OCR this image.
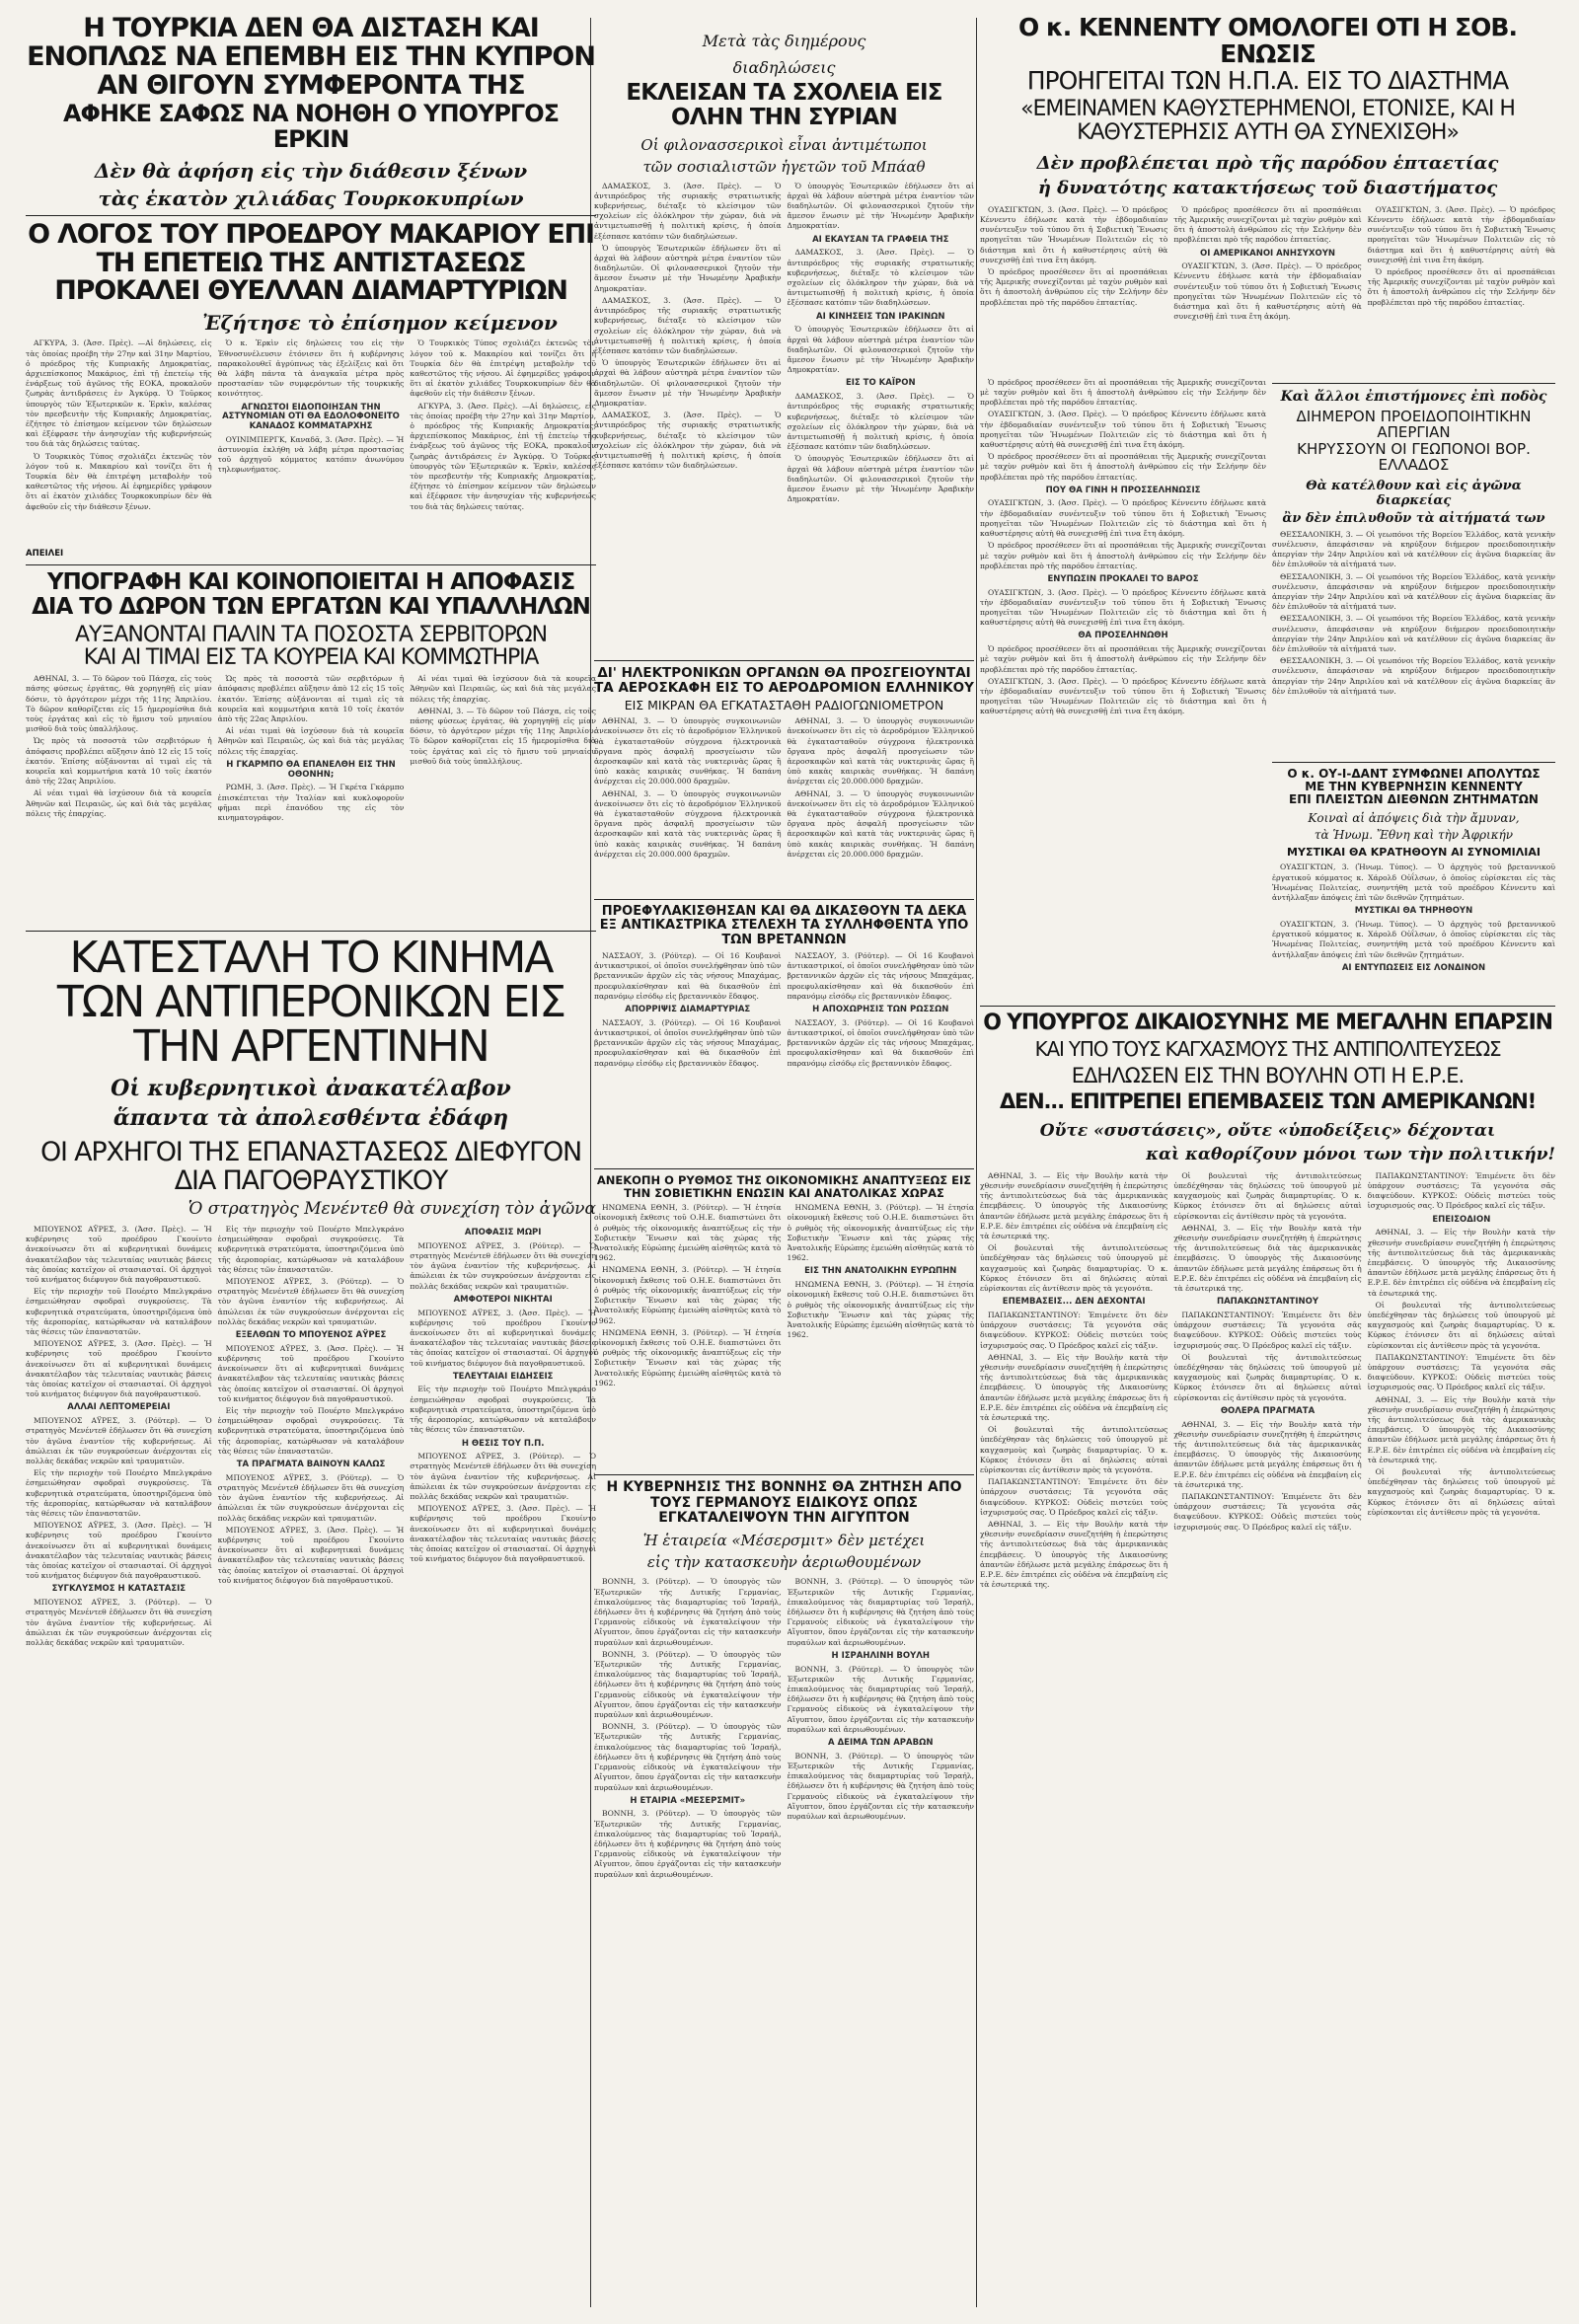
Η ΤΟΥΡΚΙΑ ΔΕΝ ΘΑ ΔΙΣΤΑΣΗ ΚΑΙ ΕΝΟΠΛΩΣ ΝΑ ΕΠΕΜΒΗ ΕΙΣ ΤΗΝ ΚΥΠΡΟΝ ΑΝ ΘΙΓΟΥΝ ΣΥΜΦΕΡΟΝΤΑ ΤΗΣ
ΑΦΗΚΕ ΣΑΦΩΣ ΝΑ ΝΟΗΘΗ Ο ΥΠΟΥΡΓΟΣ ΕΡΚΙΝ

Δὲν θὰ ἀφήση εἰς τὴν διάθεσιν ξένων

τὰς ἑκατὸν χιλιάδας Τουρκοκυπρίων

Ο ΛΟΓΟΣ ΤΟΥ ΠΡΟΕΔΡΟΥ ΜΑΚΑΡΙΟΥ ΕΠΙ ΤΗ ΕΠΕΤΕΙΩ ΤΗΣ ΑΝΤΙΣΤΑΣΕΩΣ ΠΡΟΚΑΛΕΙ ΘΥΕΛΛΑΝ ΔΙΑΜΑΡΤΥΡΙΩΝ

Ἐζήτησε τὸ ἐπίσημον κείμενον

ΑΓΚΥΡΑ, 3. (Ἀσσ. Πρὲς). —Αἱ δηλώσεις, εἰς τὰς ὁποίας προέβη τὴν 27ην καὶ 31ην Μαρτίου, ὁ πρόεδρος τῆς Κυπριακῆς Δημοκρατίας, ἀρχιεπίσκοπος Μακάριος, ἐπὶ τῇ ἐπετείῳ τῆς ἐνάρξεως τοῦ ἀγῶνος τῆς ΕΟΚΑ, προκαλοῦν ζωηρὰς ἀντιδράσεις ἐν Ἀγκύρᾳ. Ὁ Τοῦρκος ὑπουργὸς τῶν Ἐξωτερικῶν κ. Ἐρκὶν, καλέσας τὸν πρεσβευτὴν τῆς Κυπριακῆς Δημοκρατίας, ἐζήτησε τὸ ἐπίσημον κείμενον τῶν δηλώσεων καὶ ἐξέφρασε τὴν ἀνησυχίαν τῆς κυβερνήσεώς του διὰ τὰς δηλώσεις ταύτας.

Ὁ Τουρκικὸς Τύπος σχολιάζει ἐκτενῶς τὸν λόγον τοῦ κ. Μακαρίου καὶ τονίζει ὅτι ἡ Τουρκία δὲν θὰ ἐπιτρέψη μεταβολὴν τοῦ καθεστῶτος τῆς νήσου. Αἱ ἐφημερίδες γράφουν ὅτι αἱ ἑκατὸν χιλιάδες Τουρκοκυπρίων δὲν θὰ ἀφεθοῦν εἰς τὴν διάθεσιν ξένων.

Ὁ κ. Ἐρκὶν εἰς δηλώσεις του εἰς τὴν Ἐθνοσυνέλευσιν ἐτόνισεν ὅτι ἡ κυβέρνησις παρακολουθεῖ ἀγρύπνως τὰς ἐξελίξεις καὶ ὅτι θὰ λάβη πάντα τὰ ἀναγκαῖα μέτρα πρὸς προστασίαν τῶν συμφερόντων τῆς τουρκικῆς κοινότητος.

ΑΓΝΩΣΤΟΙ ΕΙΔΟΠΟΙΗΣΑΝ ΤΗΝ ΑΣΤΥΝΟΜΙΑΝ ΟΤΙ ΘΑ ΕΔΟΛΟΦΟΝΕΙΤΟ ΚΑΝΑΔΟΣ ΚΟΜΜΑΤΑΡΧΗΣ

ΟΥΙΝΙΜΠΕΡΓΚ, Καναδᾶ, 3. (Ἀσσ. Πρὲς). — Ἡ ἀστυνομία ἐκλήθη νὰ λάβη μέτρα προστασίας τοῦ ἀρχηγοῦ κόμματος κατόπιν ἀνωνύμου τηλεφωνήματος.

Ὁ Τουρκικὸς Τύπος σχολιάζει ἐκτενῶς τὸν λόγον τοῦ κ. Μακαρίου καὶ τονίζει ὅτι ἡ Τουρκία δὲν θὰ ἐπιτρέψη μεταβολὴν τοῦ καθεστῶτος τῆς νήσου. Αἱ ἐφημερίδες γράφουν ὅτι αἱ ἑκατὸν χιλιάδες Τουρκοκυπρίων δὲν θὰ ἀφεθοῦν εἰς τὴν διάθεσιν ξένων.

ΑΓΚΥΡΑ, 3. (Ἀσσ. Πρὲς). —Αἱ δηλώσεις, εἰς τὰς ὁποίας προέβη τὴν 27ην καὶ 31ην Μαρτίου, ὁ πρόεδρος τῆς Κυπριακῆς Δημοκρατίας, ἀρχιεπίσκοπος Μακάριος, ἐπὶ τῇ ἐπετείῳ τῆς ἐνάρξεως τοῦ ἀγῶνος τῆς ΕΟΚΑ, προκαλοῦν ζωηρὰς ἀντιδράσεις ἐν Ἀγκύρᾳ. Ὁ Τοῦρκος ὑπουργὸς τῶν Ἐξωτερικῶν κ. Ἐρκὶν, καλέσας τὸν πρεσβευτὴν τῆς Κυπριακῆς Δημοκρατίας, ἐζήτησε τὸ ἐπίσημον κείμενον τῶν δηλώσεων καὶ ἐξέφρασε τὴν ἀνησυχίαν τῆς κυβερνήσεώς του διὰ τὰς δηλώσεις ταύτας.

ΑΠΕΙΛΕΙ
ΥΠΟΓΡΑΦΗ ΚΑΙ ΚΟΙΝΟΠΟΙΕΙΤΑΙ Η ΑΠΟΦΑΣΙΣ
ΔΙΑ ΤΟ ΔΩΡΟΝ ΤΩΝ ΕΡΓΑΤΩΝ ΚΑΙ ΥΠΑΛΛΗΛΩΝ
ΑΥΞΑΝΟΝΤΑΙ ΠΑΛΙΝ ΤΑ ΠΟΣΟΣΤΑ ΣΕΡΒΙΤΟΡΩΝ
ΚΑΙ ΑΙ ΤΙΜΑΙ ΕΙΣ ΤΑ ΚΟΥΡΕΙΑ ΚΑΙ ΚΟΜΜΩΤΗΡΙΑ

ΑΘΗΝΑΙ, 3. — Τὸ δῶρον τοῦ Πάσχα, εἰς τοὺς πάσης φύσεως ἐργάτας, θὰ χορηγηθῇ εἰς μίαν δόσιν, τὸ ἀργότερον μέχρι τῆς 11ης Ἀπριλίου. Τὸ δῶρον καθορίζεται εἰς 15 ἡμερομίσθια διὰ τοὺς ἐργάτας καὶ εἰς τὸ ἥμισυ τοῦ μηνιαίου μισθοῦ διὰ τοὺς ὑπαλλήλους.

Ὡς πρὸς τὰ ποσοστὰ τῶν σερβιτόρων ἡ ἀπόφασις προβλέπει αὔξησιν ἀπὸ 12 εἰς 15 τοῖς ἑκατόν. Ἐπίσης αὐξάνονται αἱ τιμαὶ εἰς τὰ κουρεῖα καὶ κομμωτήρια κατὰ 10 τοῖς ἑκατόν ἀπὸ τῆς 22ας Ἀπριλίου.

Αἱ νέαι τιμαὶ θὰ ἰσχύσουν διὰ τὰ κουρεῖα Ἀθηνῶν καὶ Πειραιῶς, ὡς καὶ διὰ τὰς μεγάλας πόλεις τῆς ἐπαρχίας.

Ὡς πρὸς τὰ ποσοστὰ τῶν σερβιτόρων ἡ ἀπόφασις προβλέπει αὔξησιν ἀπὸ 12 εἰς 15 τοῖς ἑκατόν. Ἐπίσης αὐξάνονται αἱ τιμαὶ εἰς τὰ κουρεῖα καὶ κομμωτήρια κατὰ 10 τοῖς ἑκατόν ἀπὸ τῆς 22ας Ἀπριλίου.

Αἱ νέαι τιμαὶ θὰ ἰσχύσουν διὰ τὰ κουρεῖα Ἀθηνῶν καὶ Πειραιῶς, ὡς καὶ διὰ τὰς μεγάλας πόλεις τῆς ἐπαρχίας.

Η ΓΚΑΡΜΠΟ ΘΑ ΕΠΑΝΕΛΘΗ ΕΙΣ ΤΗΝ ΟΘΟΝΗΝ;

ΡΩΜΗ, 3. (Ἀσσ. Πρὲς). — Ἡ Γκρέτα Γκάρμπο ἐπισκέπτεται τὴν Ἰταλίαν καὶ κυκλοφοροῦν φῆμαι περὶ ἐπανόδου της εἰς τὸν κινηματογράφον.

Αἱ νέαι τιμαὶ θὰ ἰσχύσουν διὰ τὰ κουρεῖα Ἀθηνῶν καὶ Πειραιῶς, ὡς καὶ διὰ τὰς μεγάλας πόλεις τῆς ἐπαρχίας.

ΑΘΗΝΑΙ, 3. — Τὸ δῶρον τοῦ Πάσχα, εἰς τοὺς πάσης φύσεως ἐργάτας, θὰ χορηγηθῇ εἰς μίαν δόσιν, τὸ ἀργότερον μέχρι τῆς 11ης Ἀπριλίου. Τὸ δῶρον καθορίζεται εἰς 15 ἡμερομίσθια διὰ τοὺς ἐργάτας καὶ εἰς τὸ ἥμισυ τοῦ μηνιαίου μισθοῦ διὰ τοὺς ὑπαλλήλους.

ΚΑΤΕΣΤΑΛΗ ΤΟ ΚΙΝΗΜΑ ΤΩΝ ΑΝΤΙΠΕΡΟΝΙΚΩΝ ΕΙΣ ΤΗΝ ΑΡΓΕΝΤΙΝΗΝ

Οἱ κυβερνητικοὶ ἀνακατέλαβον

ἅπαντα τὰ ἀπολεσθέντα ἐδάφη

ΟΙ ΑΡΧΗΓΟΙ ΤΗΣ ΕΠΑΝΑΣΤΑΣΕΩΣ ΔΙΕΦΥΓΟΝ ΔΙΑ ΠΑΓΟΘΡΑΥΣΤΙΚΟΥ

Ὁ στρατηγὸς Μενέντεθ θὰ συνεχίση τὸν ἀγῶνα

ΜΠΟΥΕΝΟΣ ΑΫΡΕΣ, 3. (Ἀσσ. Πρὲς). — Ἡ κυβέρνησις τοῦ προέδρου Γκουίντο ἀνεκοίνωσεν ὅτι αἱ κυβερνητικαὶ δυνάμεις ἀνακατέλαβον τὰς τελευταίας ναυτικὰς βάσεις τὰς ὁποίας κατεῖχον οἱ στασιασταί. Οἱ ἀρχηγοὶ τοῦ κινήματος διέφυγον διὰ παγοθραυστικοῦ.

Εἰς τὴν περιοχὴν τοῦ Πουέρτο Μπελγκράνο ἐσημειώθησαν σφοδραὶ συγκρούσεις. Τὰ κυβερνητικὰ στρατεύματα, ὑποστηριζόμενα ὑπὸ τῆς ἀεροπορίας, κατώρθωσαν νὰ καταλάβουν τὰς θέσεις τῶν ἐπαναστατῶν.

ΜΠΟΥΕΝΟΣ ΑΫΡΕΣ, 3. (Ἀσσ. Πρὲς). — Ἡ κυβέρνησις τοῦ προέδρου Γκουίντο ἀνεκοίνωσεν ὅτι αἱ κυβερνητικαὶ δυνάμεις ἀνακατέλαβον τὰς τελευταίας ναυτικὰς βάσεις τὰς ὁποίας κατεῖχον οἱ στασιασταί. Οἱ ἀρχηγοὶ τοῦ κινήματος διέφυγον διὰ παγοθραυστικοῦ.

ΑΛΛΑΙ ΛΕΠΤΟΜΕΡΕΙΑΙ

ΜΠΟΥΕΝΟΣ ΑΫΡΕΣ, 3. (Ρόϋτερ). — Ὁ στρατηγὸς Μενέντεθ ἐδήλωσεν ὅτι θὰ συνεχίση τὸν ἀγῶνα ἐναντίον τῆς κυβερνήσεως. Αἱ ἀπώλειαι ἐκ τῶν συγκρούσεων ἀνέρχονται εἰς πολλὰς δεκάδας νεκρῶν καὶ τραυματιῶν.

Εἰς τὴν περιοχὴν τοῦ Πουέρτο Μπελγκράνο ἐσημειώθησαν σφοδραὶ συγκρούσεις. Τὰ κυβερνητικὰ στρατεύματα, ὑποστηριζόμενα ὑπὸ τῆς ἀεροπορίας, κατώρθωσαν νὰ καταλάβουν τὰς θέσεις τῶν ἐπαναστατῶν.

ΜΠΟΥΕΝΟΣ ΑΫΡΕΣ, 3. (Ἀσσ. Πρὲς). — Ἡ κυβέρνησις τοῦ προέδρου Γκουίντο ἀνεκοίνωσεν ὅτι αἱ κυβερνητικαὶ δυνάμεις ἀνακατέλαβον τὰς τελευταίας ναυτικὰς βάσεις τὰς ὁποίας κατεῖχον οἱ στασιασταί. Οἱ ἀρχηγοὶ τοῦ κινήματος διέφυγον διὰ παγοθραυστικοῦ.

ΣΥΓΚΛΥΣΜΟΣ Η ΚΑΤΑΣΤΑΣΙΣ

ΜΠΟΥΕΝΟΣ ΑΫΡΕΣ, 3. (Ρόϋτερ). — Ὁ στρατηγὸς Μενέντεθ ἐδήλωσεν ὅτι θὰ συνεχίση τὸν ἀγῶνα ἐναντίον τῆς κυβερνήσεως. Αἱ ἀπώλειαι ἐκ τῶν συγκρούσεων ἀνέρχονται εἰς πολλὰς δεκάδας νεκρῶν καὶ τραυματιῶν.

Εἰς τὴν περιοχὴν τοῦ Πουέρτο Μπελγκράνο ἐσημειώθησαν σφοδραὶ συγκρούσεις. Τὰ κυβερνητικὰ στρατεύματα, ὑποστηριζόμενα ὑπὸ τῆς ἀεροπορίας, κατώρθωσαν νὰ καταλάβουν τὰς θέσεις τῶν ἐπαναστατῶν.

ΜΠΟΥΕΝΟΣ ΑΫΡΕΣ, 3. (Ρόϋτερ). — Ὁ στρατηγὸς Μενέντεθ ἐδήλωσεν ὅτι θὰ συνεχίση τὸν ἀγῶνα ἐναντίον τῆς κυβερνήσεως. Αἱ ἀπώλειαι ἐκ τῶν συγκρούσεων ἀνέρχονται εἰς πολλὰς δεκάδας νεκρῶν καὶ τραυματιῶν.

ΕΞΕΛΘΩΝ ΤΟ ΜΠΟΥΕΝΟΣ ΑΫΡΕΣ

ΜΠΟΥΕΝΟΣ ΑΫΡΕΣ, 3. (Ἀσσ. Πρὲς). — Ἡ κυβέρνησις τοῦ προέδρου Γκουίντο ἀνεκοίνωσεν ὅτι αἱ κυβερνητικαὶ δυνάμεις ἀνακατέλαβον τὰς τελευταίας ναυτικὰς βάσεις τὰς ὁποίας κατεῖχον οἱ στασιασταί. Οἱ ἀρχηγοὶ τοῦ κινήματος διέφυγον διὰ παγοθραυστικοῦ.

Εἰς τὴν περιοχὴν τοῦ Πουέρτο Μπελγκράνο ἐσημειώθησαν σφοδραὶ συγκρούσεις. Τὰ κυβερνητικὰ στρατεύματα, ὑποστηριζόμενα ὑπὸ τῆς ἀεροπορίας, κατώρθωσαν νὰ καταλάβουν τὰς θέσεις τῶν ἐπαναστατῶν.

ΤΑ ΠΡΑΓΜΑΤΑ ΒΑΙΝΟΥΝ ΚΑΛΩΣ

ΜΠΟΥΕΝΟΣ ΑΫΡΕΣ, 3. (Ρόϋτερ). — Ὁ στρατηγὸς Μενέντεθ ἐδήλωσεν ὅτι θὰ συνεχίση τὸν ἀγῶνα ἐναντίον τῆς κυβερνήσεως. Αἱ ἀπώλειαι ἐκ τῶν συγκρούσεων ἀνέρχονται εἰς πολλὰς δεκάδας νεκρῶν καὶ τραυματιῶν.

ΜΠΟΥΕΝΟΣ ΑΫΡΕΣ, 3. (Ἀσσ. Πρὲς). — Ἡ κυβέρνησις τοῦ προέδρου Γκουίντο ἀνεκοίνωσεν ὅτι αἱ κυβερνητικαὶ δυνάμεις ἀνακατέλαβον τὰς τελευταίας ναυτικὰς βάσεις τὰς ὁποίας κατεῖχον οἱ στασιασταί. Οἱ ἀρχηγοὶ τοῦ κινήματος διέφυγον διὰ παγοθραυστικοῦ.

ΑΠΟΦΑΣΙΣ ΜΩΡΙ

ΜΠΟΥΕΝΟΣ ΑΫΡΕΣ, 3. (Ρόϋτερ). — Ὁ στρατηγὸς Μενέντεθ ἐδήλωσεν ὅτι θὰ συνεχίση τὸν ἀγῶνα ἐναντίον τῆς κυβερνήσεως. Αἱ ἀπώλειαι ἐκ τῶν συγκρούσεων ἀνέρχονται εἰς πολλὰς δεκάδας νεκρῶν καὶ τραυματιῶν.

ΑΜΦΟΤΕΡΟΙ ΝΙΚΗΤΑΙ

ΜΠΟΥΕΝΟΣ ΑΫΡΕΣ, 3. (Ἀσσ. Πρὲς). — Ἡ κυβέρνησις τοῦ προέδρου Γκουίντο ἀνεκοίνωσεν ὅτι αἱ κυβερνητικαὶ δυνάμεις ἀνακατέλαβον τὰς τελευταίας ναυτικὰς βάσεις τὰς ὁποίας κατεῖχον οἱ στασιασταί. Οἱ ἀρχηγοὶ τοῦ κινήματος διέφυγον διὰ παγοθραυστικοῦ.

ΤΕΛΕΥΤΑΙΑΙ ΕΙΔΗΣΕΙΣ

Εἰς τὴν περιοχὴν τοῦ Πουέρτο Μπελγκράνο ἐσημειώθησαν σφοδραὶ συγκρούσεις. Τὰ κυβερνητικὰ στρατεύματα, ὑποστηριζόμενα ὑπὸ τῆς ἀεροπορίας, κατώρθωσαν νὰ καταλάβουν τὰς θέσεις τῶν ἐπαναστατῶν.

Η ΘΕΣΙΣ ΤΟΥ Π.Π.

ΜΠΟΥΕΝΟΣ ΑΫΡΕΣ, 3. (Ρόϋτερ). — Ὁ στρατηγὸς Μενέντεθ ἐδήλωσεν ὅτι θὰ συνεχίση τὸν ἀγῶνα ἐναντίον τῆς κυβερνήσεως. Αἱ ἀπώλειαι ἐκ τῶν συγκρούσεων ἀνέρχονται εἰς πολλὰς δεκάδας νεκρῶν καὶ τραυματιῶν.

ΜΠΟΥΕΝΟΣ ΑΫΡΕΣ, 3. (Ἀσσ. Πρὲς). — Ἡ κυβέρνησις τοῦ προέδρου Γκουίντο ἀνεκοίνωσεν ὅτι αἱ κυβερνητικαὶ δυνάμεις ἀνακατέλαβον τὰς τελευταίας ναυτικὰς βάσεις τὰς ὁποίας κατεῖχον οἱ στασιασταί. Οἱ ἀρχηγοὶ τοῦ κινήματος διέφυγον διὰ παγοθραυστικοῦ.

Μετὰ τὰς διημέρους

διαδηλώσεις

ΕΚΛΕΙΣΑΝ ΤΑ ΣΧΟΛΕΙΑ ΕΙΣ ΟΛΗΝ ΤΗΝ ΣΥΡΙΑΝ

Οἱ φιλονασσερικοὶ εἶναι ἀντιμέτωποι

τῶν σοσιαλιστῶν ἡγετῶν τοῦ Μπάαθ

ΔΑΜΑΣΚΟΣ, 3. (Ἀσσ. Πρὲς). — Ὁ ἀντιπρόεδρος τῆς συριακῆς στρατιωτικῆς κυβερνήσεως, διέταξε τὸ κλείσιμον τῶν σχολείων εἰς ὁλόκληρον τὴν χώραν, διὰ νὰ ἀντιμετωπισθῇ ἡ πολιτικὴ κρίσις, ἡ ὁποία ἐξέσπασε κατόπιν τῶν διαδηλώσεων.

Ὁ ὑπουργὸς Ἐσωτερικῶν ἐδήλωσεν ὅτι αἱ ἀρχαὶ θὰ λάβουν αὐστηρὰ μέτρα ἐναντίον τῶν διαδηλωτῶν. Οἱ φιλονασσερικοὶ ζητοῦν τὴν ἄμεσον ἕνωσιν μὲ τὴν Ἡνωμένην Ἀραβικὴν Δημοκρατίαν.

ΔΑΜΑΣΚΟΣ, 3. (Ἀσσ. Πρὲς). — Ὁ ἀντιπρόεδρος τῆς συριακῆς στρατιωτικῆς κυβερνήσεως, διέταξε τὸ κλείσιμον τῶν σχολείων εἰς ὁλόκληρον τὴν χώραν, διὰ νὰ ἀντιμετωπισθῇ ἡ πολιτικὴ κρίσις, ἡ ὁποία ἐξέσπασε κατόπιν τῶν διαδηλώσεων.

Ὁ ὑπουργὸς Ἐσωτερικῶν ἐδήλωσεν ὅτι αἱ ἀρχαὶ θὰ λάβουν αὐστηρὰ μέτρα ἐναντίον τῶν διαδηλωτῶν. Οἱ φιλονασσερικοὶ ζητοῦν τὴν ἄμεσον ἕνωσιν μὲ τὴν Ἡνωμένην Ἀραβικὴν Δημοκρατίαν.

ΔΑΜΑΣΚΟΣ, 3. (Ἀσσ. Πρὲς). — Ὁ ἀντιπρόεδρος τῆς συριακῆς στρατιωτικῆς κυβερνήσεως, διέταξε τὸ κλείσιμον τῶν σχολείων εἰς ὁλόκληρον τὴν χώραν, διὰ νὰ ἀντιμετωπισθῇ ἡ πολιτικὴ κρίσις, ἡ ὁποία ἐξέσπασε κατόπιν τῶν διαδηλώσεων.

Ὁ ὑπουργὸς Ἐσωτερικῶν ἐδήλωσεν ὅτι αἱ ἀρχαὶ θὰ λάβουν αὐστηρὰ μέτρα ἐναντίον τῶν διαδηλωτῶν. Οἱ φιλονασσερικοὶ ζητοῦν τὴν ἄμεσον ἕνωσιν μὲ τὴν Ἡνωμένην Ἀραβικὴν Δημοκρατίαν.

ΑΙ ΕΚΑΥΣΑΝ ΤΑ ΓΡΑΦΕΙΑ ΤΗΣ

ΔΑΜΑΣΚΟΣ, 3. (Ἀσσ. Πρὲς). — Ὁ ἀντιπρόεδρος τῆς συριακῆς στρατιωτικῆς κυβερνήσεως, διέταξε τὸ κλείσιμον τῶν σχολείων εἰς ὁλόκληρον τὴν χώραν, διὰ νὰ ἀντιμετωπισθῇ ἡ πολιτικὴ κρίσις, ἡ ὁποία ἐξέσπασε κατόπιν τῶν διαδηλώσεων.

ΑΙ ΚΙΝΗΣΕΙΣ ΤΩΝ ΙΡΑΚΙΝΩΝ

Ὁ ὑπουργὸς Ἐσωτερικῶν ἐδήλωσεν ὅτι αἱ ἀρχαὶ θὰ λάβουν αὐστηρὰ μέτρα ἐναντίον τῶν διαδηλωτῶν. Οἱ φιλονασσερικοὶ ζητοῦν τὴν ἄμεσον ἕνωσιν μὲ τὴν Ἡνωμένην Ἀραβικὴν Δημοκρατίαν.

ΕΙΣ ΤΟ ΚΑΪΡΟΝ

ΔΑΜΑΣΚΟΣ, 3. (Ἀσσ. Πρὲς). — Ὁ ἀντιπρόεδρος τῆς συριακῆς στρατιωτικῆς κυβερνήσεως, διέταξε τὸ κλείσιμον τῶν σχολείων εἰς ὁλόκληρον τὴν χώραν, διὰ νὰ ἀντιμετωπισθῇ ἡ πολιτικὴ κρίσις, ἡ ὁποία ἐξέσπασε κατόπιν τῶν διαδηλώσεων.

Ὁ ὑπουργὸς Ἐσωτερικῶν ἐδήλωσεν ὅτι αἱ ἀρχαὶ θὰ λάβουν αὐστηρὰ μέτρα ἐναντίον τῶν διαδηλωτῶν. Οἱ φιλονασσερικοὶ ζητοῦν τὴν ἄμεσον ἕνωσιν μὲ τὴν Ἡνωμένην Ἀραβικὴν Δημοκρατίαν.

ΔΙ' ΗΛΕΚΤΡΟΝΙΚΩΝ ΟΡΓΑΝΩΝ ΘΑ ΠΡΟΣΓΕΙΟΥΝΤΑΙ ΤΑ ΑΕΡΟΣΚΑΦΗ ΕΙΣ ΤΟ ΑΕΡΟΔΡΟΜΙΟΝ ΕΛΛΗΝΙΚΟΥ

ΕΙΣ ΜΙΚΡΑΝ ΘΑ ΕΓΚΑΤΑΣΤΑΘΗ ΡΑΔΙΟΓΩΝΙΟΜΕΤΡΟΝ

ΑΘΗΝΑΙ, 3. — Ὁ ὑπουργὸς συγκοινωνιῶν ἀνεκοίνωσεν ὅτι εἰς τὸ ἀεροδρόμιον Ἑλληνικοῦ θὰ ἐγκατασταθοῦν σύγχρονα ἠλεκτρονικὰ ὄργανα πρὸς ἀσφαλῆ προσγείωσιν τῶν ἀεροσκαφῶν καὶ κατὰ τὰς νυκτερινὰς ὥρας ἢ ὑπὸ κακὰς καιρικὰς συνθήκας. Ἡ δαπάνη ἀνέρχεται εἰς 20.000.000 δραχμῶν.

ΑΘΗΝΑΙ, 3. — Ὁ ὑπουργὸς συγκοινωνιῶν ἀνεκοίνωσεν ὅτι εἰς τὸ ἀεροδρόμιον Ἑλληνικοῦ θὰ ἐγκατασταθοῦν σύγχρονα ἠλεκτρονικὰ ὄργανα πρὸς ἀσφαλῆ προσγείωσιν τῶν ἀεροσκαφῶν καὶ κατὰ τὰς νυκτερινὰς ὥρας ἢ ὑπὸ κακὰς καιρικὰς συνθήκας. Ἡ δαπάνη ἀνέρχεται εἰς 20.000.000 δραχμῶν.

ΑΘΗΝΑΙ, 3. — Ὁ ὑπουργὸς συγκοινωνιῶν ἀνεκοίνωσεν ὅτι εἰς τὸ ἀεροδρόμιον Ἑλληνικοῦ θὰ ἐγκατασταθοῦν σύγχρονα ἠλεκτρονικὰ ὄργανα πρὸς ἀσφαλῆ προσγείωσιν τῶν ἀεροσκαφῶν καὶ κατὰ τὰς νυκτερινὰς ὥρας ἢ ὑπὸ κακὰς καιρικὰς συνθήκας. Ἡ δαπάνη ἀνέρχεται εἰς 20.000.000 δραχμῶν.

ΑΘΗΝΑΙ, 3. — Ὁ ὑπουργὸς συγκοινωνιῶν ἀνεκοίνωσεν ὅτι εἰς τὸ ἀεροδρόμιον Ἑλληνικοῦ θὰ ἐγκατασταθοῦν σύγχρονα ἠλεκτρονικὰ ὄργανα πρὸς ἀσφαλῆ προσγείωσιν τῶν ἀεροσκαφῶν καὶ κατὰ τὰς νυκτερινὰς ὥρας ἢ ὑπὸ κακὰς καιρικὰς συνθήκας. Ἡ δαπάνη ἀνέρχεται εἰς 20.000.000 δραχμῶν.

ΠΡΟΕΦΥΛΑΚΙΣΘΗΣΑΝ ΚΑΙ ΘΑ ΔΙΚΑΣΘΟΥΝ ΤΑ ΔΕΚΑ ΕΞ ΑΝΤΙΚΑΣΤΡΙΚΑ ΣΤΕΛΕΧΗ ΤΑ ΣΥΛΛΗΦΘΕΝΤΑ ΥΠΟ ΤΩΝ ΒΡΕΤΑΝΝΩΝ

ΝΑΣΣΑΟΥ, 3. (Ρόϋτερ). — Οἱ 16 Κουβανοὶ ἀντικαστρικοί, οἱ ὁποῖοι συνελήφθησαν ὑπὸ τῶν βρεταννικῶν ἀρχῶν εἰς τὰς νήσους Μπαχάμας, προεφυλακίσθησαν καὶ θὰ δικασθοῦν ἐπὶ παρανόμῳ εἰσόδῳ εἰς βρεταννικὸν ἔδαφος.

ΑΠΟΡΡΙΨΙΣ ΔΙΑΜΑΡΤΥΡΙΑΣ

ΝΑΣΣΑΟΥ, 3. (Ρόϋτερ). — Οἱ 16 Κουβανοὶ ἀντικαστρικοί, οἱ ὁποῖοι συνελήφθησαν ὑπὸ τῶν βρεταννικῶν ἀρχῶν εἰς τὰς νήσους Μπαχάμας, προεφυλακίσθησαν καὶ θὰ δικασθοῦν ἐπὶ παρανόμῳ εἰσόδῳ εἰς βρεταννικὸν ἔδαφος.

ΝΑΣΣΑΟΥ, 3. (Ρόϋτερ). — Οἱ 16 Κουβανοὶ ἀντικαστρικοί, οἱ ὁποῖοι συνελήφθησαν ὑπὸ τῶν βρεταννικῶν ἀρχῶν εἰς τὰς νήσους Μπαχάμας, προεφυλακίσθησαν καὶ θὰ δικασθοῦν ἐπὶ παρανόμῳ εἰσόδῳ εἰς βρεταννικὸν ἔδαφος.

Η ΑΠΟΧΩΡΗΣΙΣ ΤΩΝ ΡΩΣΣΩΝ

ΝΑΣΣΑΟΥ, 3. (Ρόϋτερ). — Οἱ 16 Κουβανοὶ ἀντικαστρικοί, οἱ ὁποῖοι συνελήφθησαν ὑπὸ τῶν βρεταννικῶν ἀρχῶν εἰς τὰς νήσους Μπαχάμας, προεφυλακίσθησαν καὶ θὰ δικασθοῦν ἐπὶ παρανόμῳ εἰσόδῳ εἰς βρεταννικὸν ἔδαφος.

ΑΝΕΚΟΠΗ Ο ΡΥΘΜΟΣ ΤΗΣ ΟΙΚΟΝΟΜΙΚΗΣ ΑΝΑΠΤΥΞΕΩΣ ΕΙΣ ΤΗΝ ΣΟΒΙΕΤΙΚΗΝ ΕΝΩΣΙΝ ΚΑΙ ΑΝΑΤΟΛΙΚΑΣ ΧΩΡΑΣ

ΗΝΩΜΕΝΑ ΕΘΝΗ, 3. (Ρόϋτερ). — Ἡ ἐτησία οἰκονομικὴ ἔκθεσις τοῦ Ο.Η.Ε. διαπιστώνει ὅτι ὁ ρυθμὸς τῆς οἰκονομικῆς ἀναπτύξεως εἰς τὴν Σοβιετικὴν Ἕνωσιν καὶ τὰς χώρας τῆς Ἀνατολικῆς Εὐρώπης ἐμειώθη αἰσθητῶς κατὰ τὸ 1962.

ΗΝΩΜΕΝΑ ΕΘΝΗ, 3. (Ρόϋτερ). — Ἡ ἐτησία οἰκονομικὴ ἔκθεσις τοῦ Ο.Η.Ε. διαπιστώνει ὅτι ὁ ρυθμὸς τῆς οἰκονομικῆς ἀναπτύξεως εἰς τὴν Σοβιετικὴν Ἕνωσιν καὶ τὰς χώρας τῆς Ἀνατολικῆς Εὐρώπης ἐμειώθη αἰσθητῶς κατὰ τὸ 1962.

ΗΝΩΜΕΝΑ ΕΘΝΗ, 3. (Ρόϋτερ). — Ἡ ἐτησία οἰκονομικὴ ἔκθεσις τοῦ Ο.Η.Ε. διαπιστώνει ὅτι ὁ ρυθμὸς τῆς οἰκονομικῆς ἀναπτύξεως εἰς τὴν Σοβιετικὴν Ἕνωσιν καὶ τὰς χώρας τῆς Ἀνατολικῆς Εὐρώπης ἐμειώθη αἰσθητῶς κατὰ τὸ 1962.

ΗΝΩΜΕΝΑ ΕΘΝΗ, 3. (Ρόϋτερ). — Ἡ ἐτησία οἰκονομικὴ ἔκθεσις τοῦ Ο.Η.Ε. διαπιστώνει ὅτι ὁ ρυθμὸς τῆς οἰκονομικῆς ἀναπτύξεως εἰς τὴν Σοβιετικὴν Ἕνωσιν καὶ τὰς χώρας τῆς Ἀνατολικῆς Εὐρώπης ἐμειώθη αἰσθητῶς κατὰ τὸ 1962.

ΕΙΣ ΤΗΝ ΑΝΑΤΟΛΙΚΗΝ ΕΥΡΩΠΗΝ

ΗΝΩΜΕΝΑ ΕΘΝΗ, 3. (Ρόϋτερ). — Ἡ ἐτησία οἰκονομικὴ ἔκθεσις τοῦ Ο.Η.Ε. διαπιστώνει ὅτι ὁ ρυθμὸς τῆς οἰκονομικῆς ἀναπτύξεως εἰς τὴν Σοβιετικὴν Ἕνωσιν καὶ τὰς χώρας τῆς Ἀνατολικῆς Εὐρώπης ἐμειώθη αἰσθητῶς κατὰ τὸ 1962.

Η ΚΥΒΕΡΝΗΣΙΣ ΤΗΣ ΒΟΝΝΗΣ ΘΑ ΖΗΤΗΣΗ ΑΠΟ ΤΟΥΣ ΓΕΡΜΑΝΟΥΣ ΕΙΔΙΚΟΥΣ ΟΠΩΣ ΕΓΚΑΤΑΛΕΙΨΟΥΝ ΤΗΝ ΑΙΓΥΠΤΟΝ

Ἡ ἑταιρεία «Μέσερσμιτ» δὲν μετέχει

εἰς τὴν κατασκευὴν ἀεριωθουμένων

ΒΟΝΝΗ, 3. (Ρόϋτερ). — Ὁ ὑπουργὸς τῶν Ἐξωτερικῶν τῆς Δυτικῆς Γερμανίας, ἐπικαλούμενος τὰς διαμαρτυρίας τοῦ Ἰσραήλ, ἐδήλωσεν ὅτι ἡ κυβέρνησις θὰ ζητήση ἀπὸ τοὺς Γερμανοὺς εἰδικοὺς νὰ ἐγκαταλείψουν τὴν Αἴγυπτον, ὅπου ἐργάζονται εἰς τὴν κατασκευὴν πυραύλων καὶ ἀεριωθουμένων.

ΒΟΝΝΗ, 3. (Ρόϋτερ). — Ὁ ὑπουργὸς τῶν Ἐξωτερικῶν τῆς Δυτικῆς Γερμανίας, ἐπικαλούμενος τὰς διαμαρτυρίας τοῦ Ἰσραήλ, ἐδήλωσεν ὅτι ἡ κυβέρνησις θὰ ζητήση ἀπὸ τοὺς Γερμανοὺς εἰδικοὺς νὰ ἐγκαταλείψουν τὴν Αἴγυπτον, ὅπου ἐργάζονται εἰς τὴν κατασκευὴν πυραύλων καὶ ἀεριωθουμένων.

ΒΟΝΝΗ, 3. (Ρόϋτερ). — Ὁ ὑπουργὸς τῶν Ἐξωτερικῶν τῆς Δυτικῆς Γερμανίας, ἐπικαλούμενος τὰς διαμαρτυρίας τοῦ Ἰσραήλ, ἐδήλωσεν ὅτι ἡ κυβέρνησις θὰ ζητήση ἀπὸ τοὺς Γερμανοὺς εἰδικοὺς νὰ ἐγκαταλείψουν τὴν Αἴγυπτον, ὅπου ἐργάζονται εἰς τὴν κατασκευὴν πυραύλων καὶ ἀεριωθουμένων.

Η ΕΤΑΙΡΙΑ «ΜΕΣΕΡΣΜΙΤ»

ΒΟΝΝΗ, 3. (Ρόϋτερ). — Ὁ ὑπουργὸς τῶν Ἐξωτερικῶν τῆς Δυτικῆς Γερμανίας, ἐπικαλούμενος τὰς διαμαρτυρίας τοῦ Ἰσραήλ, ἐδήλωσεν ὅτι ἡ κυβέρνησις θὰ ζητήση ἀπὸ τοὺς Γερμανοὺς εἰδικοὺς νὰ ἐγκαταλείψουν τὴν Αἴγυπτον, ὅπου ἐργάζονται εἰς τὴν κατασκευὴν πυραύλων καὶ ἀεριωθουμένων.

ΒΟΝΝΗ, 3. (Ρόϋτερ). — Ὁ ὑπουργὸς τῶν Ἐξωτερικῶν τῆς Δυτικῆς Γερμανίας, ἐπικαλούμενος τὰς διαμαρτυρίας τοῦ Ἰσραήλ, ἐδήλωσεν ὅτι ἡ κυβέρνησις θὰ ζητήση ἀπὸ τοὺς Γερμανοὺς εἰδικοὺς νὰ ἐγκαταλείψουν τὴν Αἴγυπτον, ὅπου ἐργάζονται εἰς τὴν κατασκευὴν πυραύλων καὶ ἀεριωθουμένων.

Η ΙΣΡΑΗΛΙΝΗ ΒΟΥΛΗ

ΒΟΝΝΗ, 3. (Ρόϋτερ). — Ὁ ὑπουργὸς τῶν Ἐξωτερικῶν τῆς Δυτικῆς Γερμανίας, ἐπικαλούμενος τὰς διαμαρτυρίας τοῦ Ἰσραήλ, ἐδήλωσεν ὅτι ἡ κυβέρνησις θὰ ζητήση ἀπὸ τοὺς Γερμανοὺς εἰδικοὺς νὰ ἐγκαταλείψουν τὴν Αἴγυπτον, ὅπου ἐργάζονται εἰς τὴν κατασκευὴν πυραύλων καὶ ἀεριωθουμένων.

Α ΔΕΙΜΑ ΤΩΝ ΑΡΑΒΩΝ

ΒΟΝΝΗ, 3. (Ρόϋτερ). — Ὁ ὑπουργὸς τῶν Ἐξωτερικῶν τῆς Δυτικῆς Γερμανίας, ἐπικαλούμενος τὰς διαμαρτυρίας τοῦ Ἰσραήλ, ἐδήλωσεν ὅτι ἡ κυβέρνησις θὰ ζητήση ἀπὸ τοὺς Γερμανοὺς εἰδικοὺς νὰ ἐγκαταλείψουν τὴν Αἴγυπτον, ὅπου ἐργάζονται εἰς τὴν κατασκευὴν πυραύλων καὶ ἀεριωθουμένων.

Ο κ. ΚΕΝΝΕΝΤΥ ΟΜΟΛΟΓΕΙ ΟΤΙ Η ΣΟΒ. ΕΝΩΣΙΣ
ΠΡΟΗΓΕΙΤΑΙ ΤΩΝ Η.Π.Α. ΕΙΣ ΤΟ ΔΙΑΣΤΗΜΑ
«ΕΜΕΙΝΑΜΕΝ ΚΑΘΥΣΤΕΡΗΜΕΝΟΙ, ΕΤΟΝΙΣΕ, ΚΑΙ Η ΚΑΘΥΣΤΕΡΗΣΙΣ ΑΥΤΗ ΘΑ ΣΥΝΕΧΙΣΘΗ»

Δὲν προβλέπεται πρὸ τῆς παρόδου ἑπταετίας

ἡ δυνατότης κατακτήσεως τοῦ διαστήματος

ΟΥΑΣΙΓΚΤΩΝ, 3. (Ἀσσ. Πρὲς). — Ὁ πρόεδρος Κέννεντυ ἐδήλωσε κατὰ τὴν ἑβδομαδιαίαν συνέντευξιν τοῦ τύπου ὅτι ἡ Σοβιετικὴ Ἕνωσις προηγεῖται τῶν Ἡνωμένων Πολιτειῶν εἰς τὸ διάστημα καὶ ὅτι ἡ καθυστέρησις αὐτὴ θὰ συνεχισθῇ ἐπὶ τινα ἔτη ἀκόμη.

Ὁ πρόεδρος προσέθεσεν ὅτι αἱ προσπάθειαι τῆς Ἀμερικῆς συνεχίζονται μὲ ταχὺν ρυθμὸν καὶ ὅτι ἡ ἀποστολὴ ἀνθρώπου εἰς τὴν Σελήνην δὲν προβλέπεται πρὸ τῆς παρόδου ἑπταετίας.

Ὁ πρόεδρος προσέθεσεν ὅτι αἱ προσπάθειαι τῆς Ἀμερικῆς συνεχίζονται μὲ ταχὺν ρυθμὸν καὶ ὅτι ἡ ἀποστολὴ ἀνθρώπου εἰς τὴν Σελήνην δὲν προβλέπεται πρὸ τῆς παρόδου ἑπταετίας.

ΟΙ ΑΜΕΡΙΚΑΝΟΙ ΑΝΗΣΥΧΟΥΝ

ΟΥΑΣΙΓΚΤΩΝ, 3. (Ἀσσ. Πρὲς). — Ὁ πρόεδρος Κέννεντυ ἐδήλωσε κατὰ τὴν ἑβδομαδιαίαν συνέντευξιν τοῦ τύπου ὅτι ἡ Σοβιετικὴ Ἕνωσις προηγεῖται τῶν Ἡνωμένων Πολιτειῶν εἰς τὸ διάστημα καὶ ὅτι ἡ καθυστέρησις αὐτὴ θὰ συνεχισθῇ ἐπὶ τινα ἔτη ἀκόμη.

ΟΥΑΣΙΓΚΤΩΝ, 3. (Ἀσσ. Πρὲς). — Ὁ πρόεδρος Κέννεντυ ἐδήλωσε κατὰ τὴν ἑβδομαδιαίαν συνέντευξιν τοῦ τύπου ὅτι ἡ Σοβιετικὴ Ἕνωσις προηγεῖται τῶν Ἡνωμένων Πολιτειῶν εἰς τὸ διάστημα καὶ ὅτι ἡ καθυστέρησις αὐτὴ θὰ συνεχισθῇ ἐπὶ τινα ἔτη ἀκόμη.

Ὁ πρόεδρος προσέθεσεν ὅτι αἱ προσπάθειαι τῆς Ἀμερικῆς συνεχίζονται μὲ ταχὺν ρυθμὸν καὶ ὅτι ἡ ἀποστολὴ ἀνθρώπου εἰς τὴν Σελήνην δὲν προβλέπεται πρὸ τῆς παρόδου ἑπταετίας.

Ὁ πρόεδρος προσέθεσεν ὅτι αἱ προσπάθειαι τῆς Ἀμερικῆς συνεχίζονται μὲ ταχὺν ρυθμὸν καὶ ὅτι ἡ ἀποστολὴ ἀνθρώπου εἰς τὴν Σελήνην δὲν προβλέπεται πρὸ τῆς παρόδου ἑπταετίας.

ΟΥΑΣΙΓΚΤΩΝ, 3. (Ἀσσ. Πρὲς). — Ὁ πρόεδρος Κέννεντυ ἐδήλωσε κατὰ τὴν ἑβδομαδιαίαν συνέντευξιν τοῦ τύπου ὅτι ἡ Σοβιετικὴ Ἕνωσις προηγεῖται τῶν Ἡνωμένων Πολιτειῶν εἰς τὸ διάστημα καὶ ὅτι ἡ καθυστέρησις αὐτὴ θὰ συνεχισθῇ ἐπὶ τινα ἔτη ἀκόμη.

Ὁ πρόεδρος προσέθεσεν ὅτι αἱ προσπάθειαι τῆς Ἀμερικῆς συνεχίζονται μὲ ταχὺν ρυθμὸν καὶ ὅτι ἡ ἀποστολὴ ἀνθρώπου εἰς τὴν Σελήνην δὲν προβλέπεται πρὸ τῆς παρόδου ἑπταετίας.

ΠΟΥ ΘΑ ΓΙΝΗ Η ΠΡΟΣΣΕΛΗΝΩΣΙΣ

ΟΥΑΣΙΓΚΤΩΝ, 3. (Ἀσσ. Πρὲς). — Ὁ πρόεδρος Κέννεντυ ἐδήλωσε κατὰ τὴν ἑβδομαδιαίαν συνέντευξιν τοῦ τύπου ὅτι ἡ Σοβιετικὴ Ἕνωσις προηγεῖται τῶν Ἡνωμένων Πολιτειῶν εἰς τὸ διάστημα καὶ ὅτι ἡ καθυστέρησις αὐτὴ θὰ συνεχισθῇ ἐπὶ τινα ἔτη ἀκόμη.

Ὁ πρόεδρος προσέθεσεν ὅτι αἱ προσπάθειαι τῆς Ἀμερικῆς συνεχίζονται μὲ ταχὺν ρυθμὸν καὶ ὅτι ἡ ἀποστολὴ ἀνθρώπου εἰς τὴν Σελήνην δὲν προβλέπεται πρὸ τῆς παρόδου ἑπταετίας.

ΕΝΥΠΩΣΙΝ ΠΡΟΚΑΛΕΙ ΤΟ ΒΑΡΟΣ

ΟΥΑΣΙΓΚΤΩΝ, 3. (Ἀσσ. Πρὲς). — Ὁ πρόεδρος Κέννεντυ ἐδήλωσε κατὰ τὴν ἑβδομαδιαίαν συνέντευξιν τοῦ τύπου ὅτι ἡ Σοβιετικὴ Ἕνωσις προηγεῖται τῶν Ἡνωμένων Πολιτειῶν εἰς τὸ διάστημα καὶ ὅτι ἡ καθυστέρησις αὐτὴ θὰ συνεχισθῇ ἐπὶ τινα ἔτη ἀκόμη.

ΘΑ ΠΡΟΣΕΛΗΝΩΘΗ

Ὁ πρόεδρος προσέθεσεν ὅτι αἱ προσπάθειαι τῆς Ἀμερικῆς συνεχίζονται μὲ ταχὺν ρυθμὸν καὶ ὅτι ἡ ἀποστολὴ ἀνθρώπου εἰς τὴν Σελήνην δὲν προβλέπεται πρὸ τῆς παρόδου ἑπταετίας.

ΟΥΑΣΙΓΚΤΩΝ, 3. (Ἀσσ. Πρὲς). — Ὁ πρόεδρος Κέννεντυ ἐδήλωσε κατὰ τὴν ἑβδομαδιαίαν συνέντευξιν τοῦ τύπου ὅτι ἡ Σοβιετικὴ Ἕνωσις προηγεῖται τῶν Ἡνωμένων Πολιτειῶν εἰς τὸ διάστημα καὶ ὅτι ἡ καθυστέρησις αὐτὴ θὰ συνεχισθῇ ἐπὶ τινα ἔτη ἀκόμη.

Καὶ ἄλλοι ἐπιστήμονες ἐπὶ ποδὸς

ΔΙΗΜΕΡΟΝ ΠΡΟΕΙΔΟΠΟΙΗΤΙΚΗΝ ΑΠΕΡΓΙΑΝ
ΚΗΡΥΣΣΟΥΝ ΟΙ ΓΕΩΠΟΝΟΙ ΒΟΡ. ΕΛΛΑΔΟΣ

Θὰ κατέλθουν καὶ εἰς ἀγῶνα διαρκείας

ἂν δὲν ἐπιλυθοῦν τὰ αἰτήματά των

ΘΕΣΣΑΛΟΝΙΚΗ, 3. — Οἱ γεωπόνοι τῆς Βορείου Ἑλλάδος, κατὰ γενικὴν συνέλευσιν, ἀπεφάσισαν νὰ κηρύξουν διήμερον προειδοποιητικὴν ἀπεργίαν τὴν 24ην Ἀπριλίου καὶ νὰ κατέλθουν εἰς ἀγῶνα διαρκείας ἂν δὲν ἐπιλυθοῦν τὰ αἰτήματά των.

ΘΕΣΣΑΛΟΝΙΚΗ, 3. — Οἱ γεωπόνοι τῆς Βορείου Ἑλλάδος, κατὰ γενικὴν συνέλευσιν, ἀπεφάσισαν νὰ κηρύξουν διήμερον προειδοποιητικὴν ἀπεργίαν τὴν 24ην Ἀπριλίου καὶ νὰ κατέλθουν εἰς ἀγῶνα διαρκείας ἂν δὲν ἐπιλυθοῦν τὰ αἰτήματά των.

ΘΕΣΣΑΛΟΝΙΚΗ, 3. — Οἱ γεωπόνοι τῆς Βορείου Ἑλλάδος, κατὰ γενικὴν συνέλευσιν, ἀπεφάσισαν νὰ κηρύξουν διήμερον προειδοποιητικὴν ἀπεργίαν τὴν 24ην Ἀπριλίου καὶ νὰ κατέλθουν εἰς ἀγῶνα διαρκείας ἂν δὲν ἐπιλυθοῦν τὰ αἰτήματά των.

ΘΕΣΣΑΛΟΝΙΚΗ, 3. — Οἱ γεωπόνοι τῆς Βορείου Ἑλλάδος, κατὰ γενικὴν συνέλευσιν, ἀπεφάσισαν νὰ κηρύξουν διήμερον προειδοποιητικὴν ἀπεργίαν τὴν 24ην Ἀπριλίου καὶ νὰ κατέλθουν εἰς ἀγῶνα διαρκείας ἂν δὲν ἐπιλυθοῦν τὰ αἰτήματά των.

Ο κ. ΟΥ-Ι-ΔΑΝΤ ΣΥΜΦΩΝΕΙ ΑΠΟΛΥΤΩΣ
ΜΕ ΤΗΝ ΚΥΒΕΡΝΗΣΙΝ ΚΕΝΝΕΝΤΥ
ΕΠΙ ΠΛΕΙΣΤΩΝ ΔΙΕΘΝΩΝ ΖΗΤΗΜΑΤΩΝ

Κοιναὶ αἱ ἀπόψεις διὰ τὴν ἄμυναν,

τὰ Ἡνωμ. Ἔθνη καὶ τὴν Ἀφρικήν

ΜΥΣΤΙΚΑΙ ΘΑ ΚΡΑΤΗΘΟΥΝ ΑΙ ΣΥΝΟΜΙΛΙΑΙ

ΟΥΑΣΙΓΚΤΩΝ, 3. (Ἡνωμ. Τύπος). — Ὁ ἀρχηγὸς τοῦ βρεταννικοῦ ἐργατικοῦ κόμματος κ. Χάρολδ Οὐΐλσων, ὁ ὁποῖος εὑρίσκεται εἰς τὰς Ἡνωμένας Πολιτείας, συνηντήθη μετὰ τοῦ προέδρου Κέννεντυ καὶ ἀντήλλαξαν ἀπόψεις ἐπὶ τῶν διεθνῶν ζητημάτων.

ΜΥΣΤΙΚΑΙ ΘΑ ΤΗΡΗΘΟΥΝ

ΟΥΑΣΙΓΚΤΩΝ, 3. (Ἡνωμ. Τύπος). — Ὁ ἀρχηγὸς τοῦ βρεταννικοῦ ἐργατικοῦ κόμματος κ. Χάρολδ Οὐΐλσων, ὁ ὁποῖος εὑρίσκεται εἰς τὰς Ἡνωμένας Πολιτείας, συνηντήθη μετὰ τοῦ προέδρου Κέννεντυ καὶ ἀντήλλαξαν ἀπόψεις ἐπὶ τῶν διεθνῶν ζητημάτων.

ΑΙ ΕΝΤΥΠΩΣΕΙΣ ΕΙΣ ΛΟΝΔΙΝΟΝ
Ο ΥΠΟΥΡΓΟΣ ΔΙΚΑΙΟΣΥΝΗΣ ΜΕ ΜΕΓΑΛΗΝ ΕΠΑΡΣΙΝ
ΚΑΙ ΥΠΟ ΤΟΥΣ ΚΑΓΧΑΣΜΟΥΣ ΤΗΣ ΑΝΤΙΠΟΛΙΤΕΥΣΕΩΣ
ΕΔΗΛΩΣΕΝ ΕΙΣ ΤΗΝ ΒΟΥΛΗΝ ΟΤΙ Η Ε.Ρ.Ε.
ΔΕΝ... ΕΠΙΤΡΕΠΕΙ ΕΠΕΜΒΑΣΕΙΣ ΤΩΝ ΑΜΕΡΙΚΑΝΩΝ!

Οὔτε «συστάσεις», οὔτε «ὑποδείξεις» δέχονται

καὶ καθορίζουν μόνοι των τὴν πολιτικήν!

ΑΘΗΝΑΙ, 3. — Εἰς τὴν Βουλὴν κατὰ τὴν χθεσινὴν συνεδρίασιν συνεζητήθη ἡ ἐπερώτησις τῆς ἀντιπολιτεύσεως διὰ τὰς ἀμερικανικὰς ἐπεμβάσεις. Ὁ ὑπουργὸς τῆς Δικαιοσύνης ἀπαντῶν ἐδήλωσε μετὰ μεγάλης ἐπάρσεως ὅτι ἡ Ε.Ρ.Ε. δὲν ἐπιτρέπει εἰς οὐδένα νὰ ἐπεμβαίνη εἰς τὰ ἐσωτερικά της.

Οἱ βουλευταὶ τῆς ἀντιπολιτεύσεως ὑπεδέχθησαν τὰς δηλώσεις τοῦ ὑπουργοῦ μὲ καγχασμοὺς καὶ ζωηρὰς διαμαρτυρίας. Ὁ κ. Κύρκος ἐτόνισεν ὅτι αἱ δηλώσεις αὐταὶ εὑρίσκονται εἰς ἀντίθεσιν πρὸς τὰ γεγονότα.

ΕΠΕΜΒΑΣΕΙΣ... ΔΕΝ ΔΕΧΟΝΤΑΙ

ΠΑΠΑΚΩΝΣΤΑΝΤΙΝΟΥ: Ἐπιμένετε ὅτι δὲν ὑπάρχουν συστάσεις; Τὰ γεγονότα σᾶς διαψεύδουν. ΚΥΡΚΟΣ: Οὐδεὶς πιστεύει τοὺς ἰσχυρισμούς σας. Ὁ Πρόεδρος καλεῖ εἰς τάξιν.

ΑΘΗΝΑΙ, 3. — Εἰς τὴν Βουλὴν κατὰ τὴν χθεσινὴν συνεδρίασιν συνεζητήθη ἡ ἐπερώτησις τῆς ἀντιπολιτεύσεως διὰ τὰς ἀμερικανικὰς ἐπεμβάσεις. Ὁ ὑπουργὸς τῆς Δικαιοσύνης ἀπαντῶν ἐδήλωσε μετὰ μεγάλης ἐπάρσεως ὅτι ἡ Ε.Ρ.Ε. δὲν ἐπιτρέπει εἰς οὐδένα νὰ ἐπεμβαίνη εἰς τὰ ἐσωτερικά της.

Οἱ βουλευταὶ τῆς ἀντιπολιτεύσεως ὑπεδέχθησαν τὰς δηλώσεις τοῦ ὑπουργοῦ μὲ καγχασμοὺς καὶ ζωηρὰς διαμαρτυρίας. Ὁ κ. Κύρκος ἐτόνισεν ὅτι αἱ δηλώσεις αὐταὶ εὑρίσκονται εἰς ἀντίθεσιν πρὸς τὰ γεγονότα.

ΠΑΠΑΚΩΝΣΤΑΝΤΙΝΟΥ: Ἐπιμένετε ὅτι δὲν ὑπάρχουν συστάσεις; Τὰ γεγονότα σᾶς διαψεύδουν. ΚΥΡΚΟΣ: Οὐδεὶς πιστεύει τοὺς ἰσχυρισμούς σας. Ὁ Πρόεδρος καλεῖ εἰς τάξιν.

ΑΘΗΝΑΙ, 3. — Εἰς τὴν Βουλὴν κατὰ τὴν χθεσινὴν συνεδρίασιν συνεζητήθη ἡ ἐπερώτησις τῆς ἀντιπολιτεύσεως διὰ τὰς ἀμερικανικὰς ἐπεμβάσεις. Ὁ ὑπουργὸς τῆς Δικαιοσύνης ἀπαντῶν ἐδήλωσε μετὰ μεγάλης ἐπάρσεως ὅτι ἡ Ε.Ρ.Ε. δὲν ἐπιτρέπει εἰς οὐδένα νὰ ἐπεμβαίνη εἰς τὰ ἐσωτερικά της.

Οἱ βουλευταὶ τῆς ἀντιπολιτεύσεως ὑπεδέχθησαν τὰς δηλώσεις τοῦ ὑπουργοῦ μὲ καγχασμοὺς καὶ ζωηρὰς διαμαρτυρίας. Ὁ κ. Κύρκος ἐτόνισεν ὅτι αἱ δηλώσεις αὐταὶ εὑρίσκονται εἰς ἀντίθεσιν πρὸς τὰ γεγονότα.

ΑΘΗΝΑΙ, 3. — Εἰς τὴν Βουλὴν κατὰ τὴν χθεσινὴν συνεδρίασιν συνεζητήθη ἡ ἐπερώτησις τῆς ἀντιπολιτεύσεως διὰ τὰς ἀμερικανικὰς ἐπεμβάσεις. Ὁ ὑπουργὸς τῆς Δικαιοσύνης ἀπαντῶν ἐδήλωσε μετὰ μεγάλης ἐπάρσεως ὅτι ἡ Ε.Ρ.Ε. δὲν ἐπιτρέπει εἰς οὐδένα νὰ ἐπεμβαίνη εἰς τὰ ἐσωτερικά της.

ΠΑΠΑΚΩΝΣΤΑΝΤΙΝΟΥ

ΠΑΠΑΚΩΝΣΤΑΝΤΙΝΟΥ: Ἐπιμένετε ὅτι δὲν ὑπάρχουν συστάσεις; Τὰ γεγονότα σᾶς διαψεύδουν. ΚΥΡΚΟΣ: Οὐδεὶς πιστεύει τοὺς ἰσχυρισμούς σας. Ὁ Πρόεδρος καλεῖ εἰς τάξιν.

Οἱ βουλευταὶ τῆς ἀντιπολιτεύσεως ὑπεδέχθησαν τὰς δηλώσεις τοῦ ὑπουργοῦ μὲ καγχασμοὺς καὶ ζωηρὰς διαμαρτυρίας. Ὁ κ. Κύρκος ἐτόνισεν ὅτι αἱ δηλώσεις αὐταὶ εὑρίσκονται εἰς ἀντίθεσιν πρὸς τὰ γεγονότα.

ΘΟΛΕΡΑ ΠΡΑΓΜΑΤΑ

ΑΘΗΝΑΙ, 3. — Εἰς τὴν Βουλὴν κατὰ τὴν χθεσινὴν συνεδρίασιν συνεζητήθη ἡ ἐπερώτησις τῆς ἀντιπολιτεύσεως διὰ τὰς ἀμερικανικὰς ἐπεμβάσεις. Ὁ ὑπουργὸς τῆς Δικαιοσύνης ἀπαντῶν ἐδήλωσε μετὰ μεγάλης ἐπάρσεως ὅτι ἡ Ε.Ρ.Ε. δὲν ἐπιτρέπει εἰς οὐδένα νὰ ἐπεμβαίνη εἰς τὰ ἐσωτερικά της.

ΠΑΠΑΚΩΝΣΤΑΝΤΙΝΟΥ: Ἐπιμένετε ὅτι δὲν ὑπάρχουν συστάσεις; Τὰ γεγονότα σᾶς διαψεύδουν. ΚΥΡΚΟΣ: Οὐδεὶς πιστεύει τοὺς ἰσχυρισμούς σας. Ὁ Πρόεδρος καλεῖ εἰς τάξιν.

ΠΑΠΑΚΩΝΣΤΑΝΤΙΝΟΥ: Ἐπιμένετε ὅτι δὲν ὑπάρχουν συστάσεις; Τὰ γεγονότα σᾶς διαψεύδουν. ΚΥΡΚΟΣ: Οὐδεὶς πιστεύει τοὺς ἰσχυρισμούς σας. Ὁ Πρόεδρος καλεῖ εἰς τάξιν.

ΕΠΕΙΣΟΔΙΟΝ

ΑΘΗΝΑΙ, 3. — Εἰς τὴν Βουλὴν κατὰ τὴν χθεσινὴν συνεδρίασιν συνεζητήθη ἡ ἐπερώτησις τῆς ἀντιπολιτεύσεως διὰ τὰς ἀμερικανικὰς ἐπεμβάσεις. Ὁ ὑπουργὸς τῆς Δικαιοσύνης ἀπαντῶν ἐδήλωσε μετὰ μεγάλης ἐπάρσεως ὅτι ἡ Ε.Ρ.Ε. δὲν ἐπιτρέπει εἰς οὐδένα νὰ ἐπεμβαίνη εἰς τὰ ἐσωτερικά της.

Οἱ βουλευταὶ τῆς ἀντιπολιτεύσεως ὑπεδέχθησαν τὰς δηλώσεις τοῦ ὑπουργοῦ μὲ καγχασμοὺς καὶ ζωηρὰς διαμαρτυρίας. Ὁ κ. Κύρκος ἐτόνισεν ὅτι αἱ δηλώσεις αὐταὶ εὑρίσκονται εἰς ἀντίθεσιν πρὸς τὰ γεγονότα.

ΠΑΠΑΚΩΝΣΤΑΝΤΙΝΟΥ: Ἐπιμένετε ὅτι δὲν ὑπάρχουν συστάσεις; Τὰ γεγονότα σᾶς διαψεύδουν. ΚΥΡΚΟΣ: Οὐδεὶς πιστεύει τοὺς ἰσχυρισμούς σας. Ὁ Πρόεδρος καλεῖ εἰς τάξιν.

ΑΘΗΝΑΙ, 3. — Εἰς τὴν Βουλὴν κατὰ τὴν χθεσινὴν συνεδρίασιν συνεζητήθη ἡ ἐπερώτησις τῆς ἀντιπολιτεύσεως διὰ τὰς ἀμερικανικὰς ἐπεμβάσεις. Ὁ ὑπουργὸς τῆς Δικαιοσύνης ἀπαντῶν ἐδήλωσε μετὰ μεγάλης ἐπάρσεως ὅτι ἡ Ε.Ρ.Ε. δὲν ἐπιτρέπει εἰς οὐδένα νὰ ἐπεμβαίνη εἰς τὰ ἐσωτερικά της.

Οἱ βουλευταὶ τῆς ἀντιπολιτεύσεως ὑπεδέχθησαν τὰς δηλώσεις τοῦ ὑπουργοῦ μὲ καγχασμοὺς καὶ ζωηρὰς διαμαρτυρίας. Ὁ κ. Κύρκος ἐτόνισεν ὅτι αἱ δηλώσεις αὐταὶ εὑρίσκονται εἰς ἀντίθεσιν πρὸς τὰ γεγονότα.
